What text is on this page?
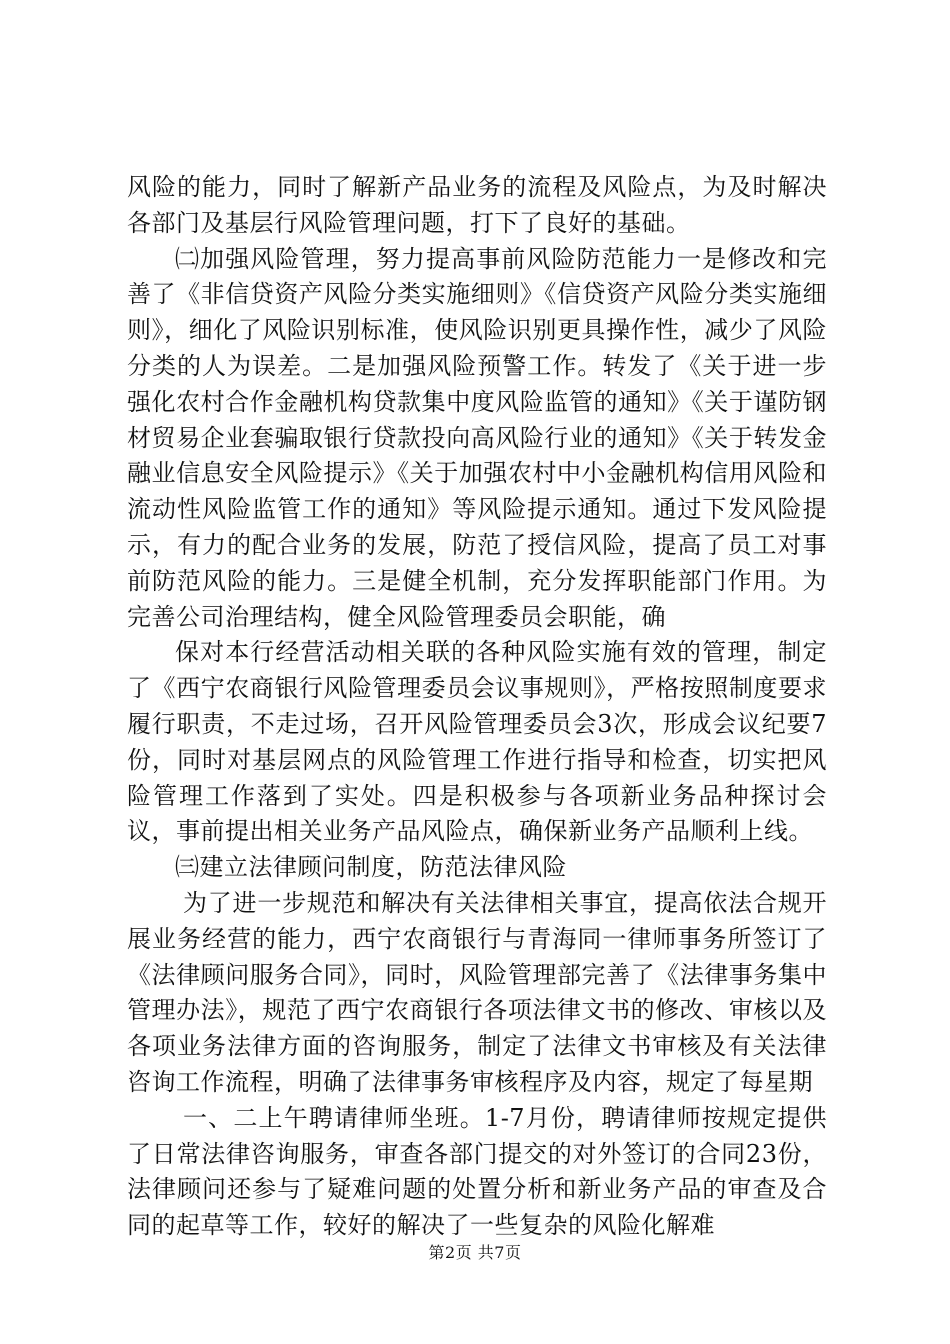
风险的能力，同时了解新产品业务的流程及风险点，为及时解决各部门及基层行风险管理问题，打下了良好的基础。

㈡加强风险管理，努力提高事前风险防范能力一是修改和完善了《非信贷资产风险分类实施细则》《信贷资产风险分类实施细则》，细化了风险识别标准，使风险识别更具操作性，减少了风险分类的人为误差。二是加强风险预警工作。转发了《关于进一步强化农村合作金融机构贷款集中度风险监管的通知》《关于谨防钢材贸易企业套骗取银行贷款投向高风险行业的通知》《关于转发金融业信息安全风险提示》《关于加强农村中小金融机构信用风险和流动性风险监管工作的通知》等风险提示通知。通过下发风险提示，有力的配合业务的发展，防范了授信风险，提高了员工对事前防范风险的能力。三是健全机制，充分发挥职能部门作用。为完善公司治理结构，健全风险管理委员会职能，确

保对本行经营活动相关联的各种风险实施有效的管理，制定了《西宁农商银行风险管理委员会议事规则》，严格按照制度要求履行职责，不走过场，召开风险管理委员会3次，形成会议纪要7份，同时对基层网点的风险管理工作进行指导和检查，切实把风险管理工作落到了实处。四是积极参与各项新业务品种探讨会议，事前提出相关业务产品风险点，确保新业务产品顺利上线。

㈢建立法律顾问制度，防范法律风险

为了进一步规范和解决有关法律相关事宜，提高依法合规开展业务经营的能力，西宁农商银行与青海同一律师事务所签订了《法律顾问服务合同》，同时，风险管理部完善了《法律事务集中管理办法》，规范了西宁农商银行各项法律文书的修改、审核以及各项业务法律方面的咨询服务，制定了法律文书审核及有关法律咨询工作流程，明确了法律事务审核程序及内容，规定了每星期

一、二上午聘请律师坐班。1-7月份，聘请律师按规定提供了日常法律咨询服务，审查各部门提交的对外签订的合同23份，法律顾问还参与了疑难问题的处置分析和新业务产品的审查及合同的起草等工作，较好的解决了一些复杂的风险化解难

第2页 共7页
